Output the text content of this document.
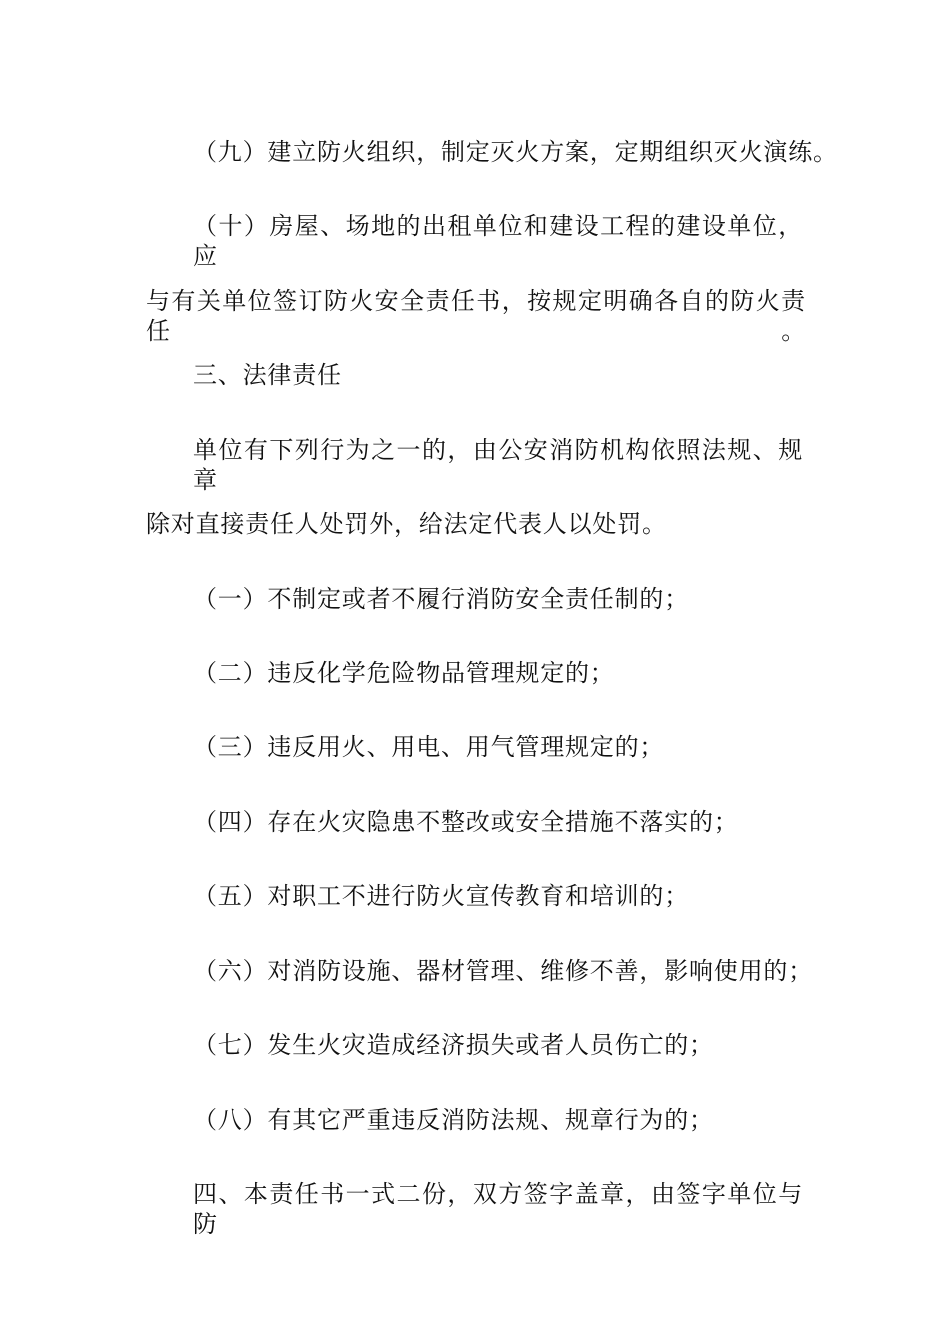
（九）建立防火组织，制定灭火方案，定期组织灭火演练。

（十）房屋、场地的出租单位和建设工程的建设单位，应

与有关单位签订防火安全责任书，按规定明确各自的防火责任。

三、法律责任

单位有下列行为之一的，由公安消防机构依照法规、规章

除对直接责任人处罚外，给法定代表人以处罚。

（一）不制定或者不履行消防安全责任制的；

（二）违反化学危险物品管理规定的；

（三）违反用火、用电、用气管理规定的；

（四）存在火灾隐患不整改或安全措施不落实的；

（五）对职工不进行防火宣传教育和培训的；

（六）对消防设施、器材管理、维修不善，影响使用的；

（七）发生火灾造成经济损失或者人员伤亡的；

（八）有其它严重违反消防法规、规章行为的；

四、本责任书一式二份，双方签字盖章，由签字单位与防
